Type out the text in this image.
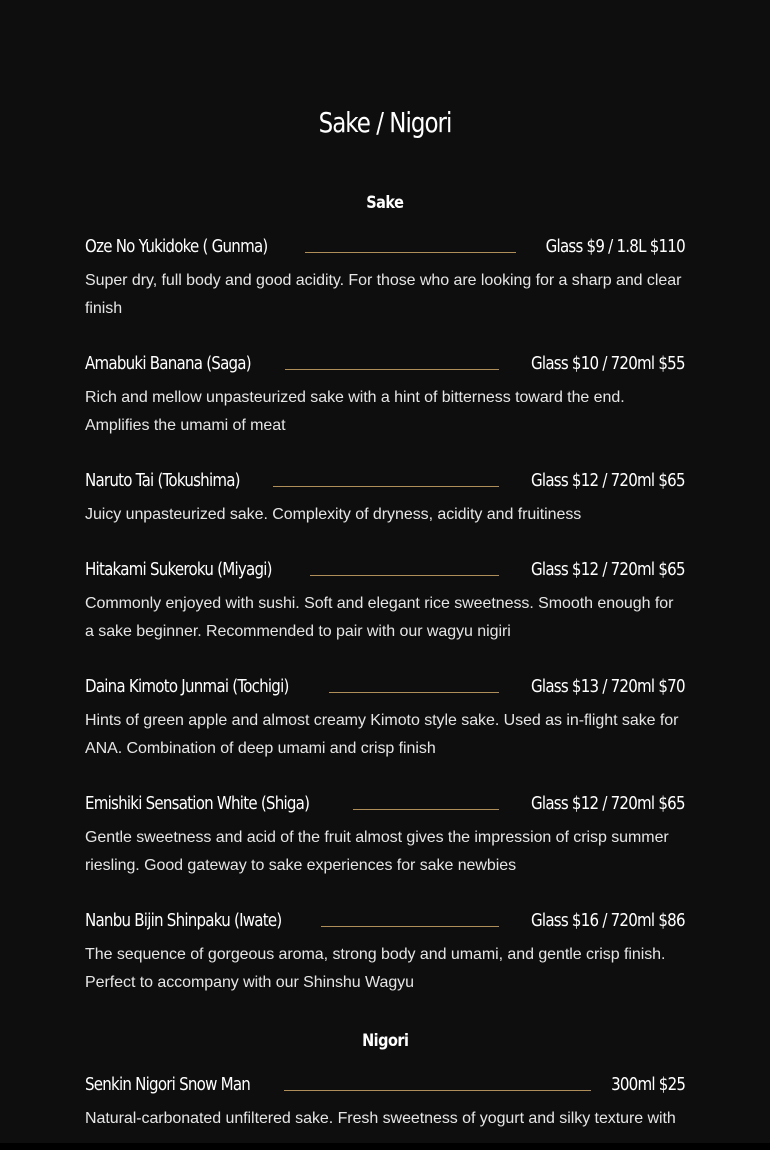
Sake / Nigori
Sake
Oze No Yukidoke ( Gunma)	Glass $9 / 1.8L $110
Super dry, full body and good acidity. For those who are looking for a sharp and clear finish
Amabuki Banana (Saga)	Glass $10 / 720ml $55
Rich and mellow unpasteurized sake with a hint of bitterness toward the end. Amplifies the umami of meat
Naruto Tai (Tokushima)	Glass $12 / 720ml $65
Juicy unpasteurized sake. Complexity of dryness, acidity and fruitiness
Hitakami Sukeroku (Miyagi)	Glass $12 / 720ml $65
Commonly enjoyed with sushi. Soft and elegant rice sweetness. Smooth enough for a sake beginner. Recommended to pair with our wagyu nigiri
Daina Kimoto Junmai (Tochigi)	Glass $13 / 720ml $70
Hints of green apple and almost creamy Kimoto style sake. Used as in-flight sake for ANA. Combination of deep umami and crisp finish
Emishiki Sensation White (Shiga)	Glass $12 / 720ml $65
Gentle sweetness and acid of the fruit almost gives the impression of crisp summer riesling. Good gateway to sake experiences for sake newbies
Nanbu Bijin Shinpaku (Iwate)	Glass $16 / 720ml $86
The sequence of gorgeous aroma, strong body and umami, and gentle crisp finish. Perfect to accompany with our Shinshu Wagyu
Nigori
Senkin Nigori Snow Man	300ml $25
Natural-carbonated unfiltered sake. Fresh sweetness of yogurt and silky texture with
